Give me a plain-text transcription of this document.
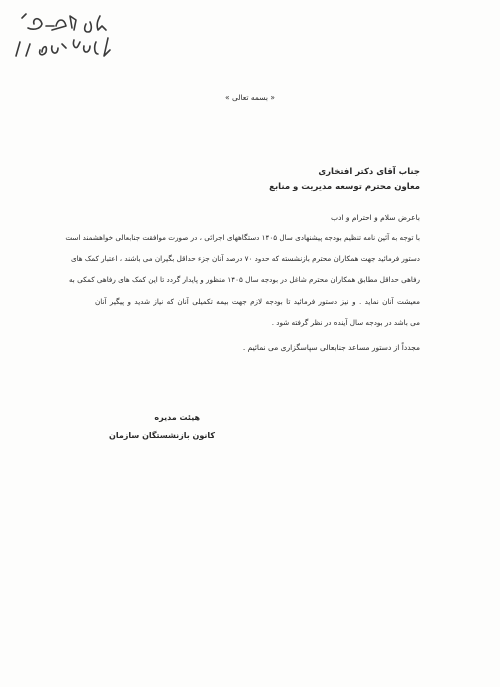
« بسمه تعالی »
جناب آقای دکتر افتخاری
معاون محترم توسعه مدیریت و منابع
باعرض سلام و احترام و ادب
با توجه به آئین نامه تنظیم بودجه پیشنهادی سال ۱۴۰۵ دستگاههای اجرائی ، در صورت موافقت جنابعالی خواهشمند است
دستور فرمائید جهت همکاران محترم بازنشسته که حدود ۷۰ درصد آنان جزء حداقل بگیران می باشند ، اعتبار کمک های
رفاهی حداقل مطابق همکاران محترم شاغل در بودجه سال ۱۴۰۵ منظور و پایدار گردد تا این کمک های رفاهی کمکی به
معیشت آنان نماید . و نیز دستور فرمائید تا بودجه لازم جهت بیمه تکمیلی آنان که نیاز شدید و پیگیر آنان
می باشد در بودجه سال آینده در نظر گرفته شود .
مجدداً از دستور مساعد جنابعالی سپاسگزاری می نمائیم .
هیئت مدیره
کانون بازنشستگان سازمان
